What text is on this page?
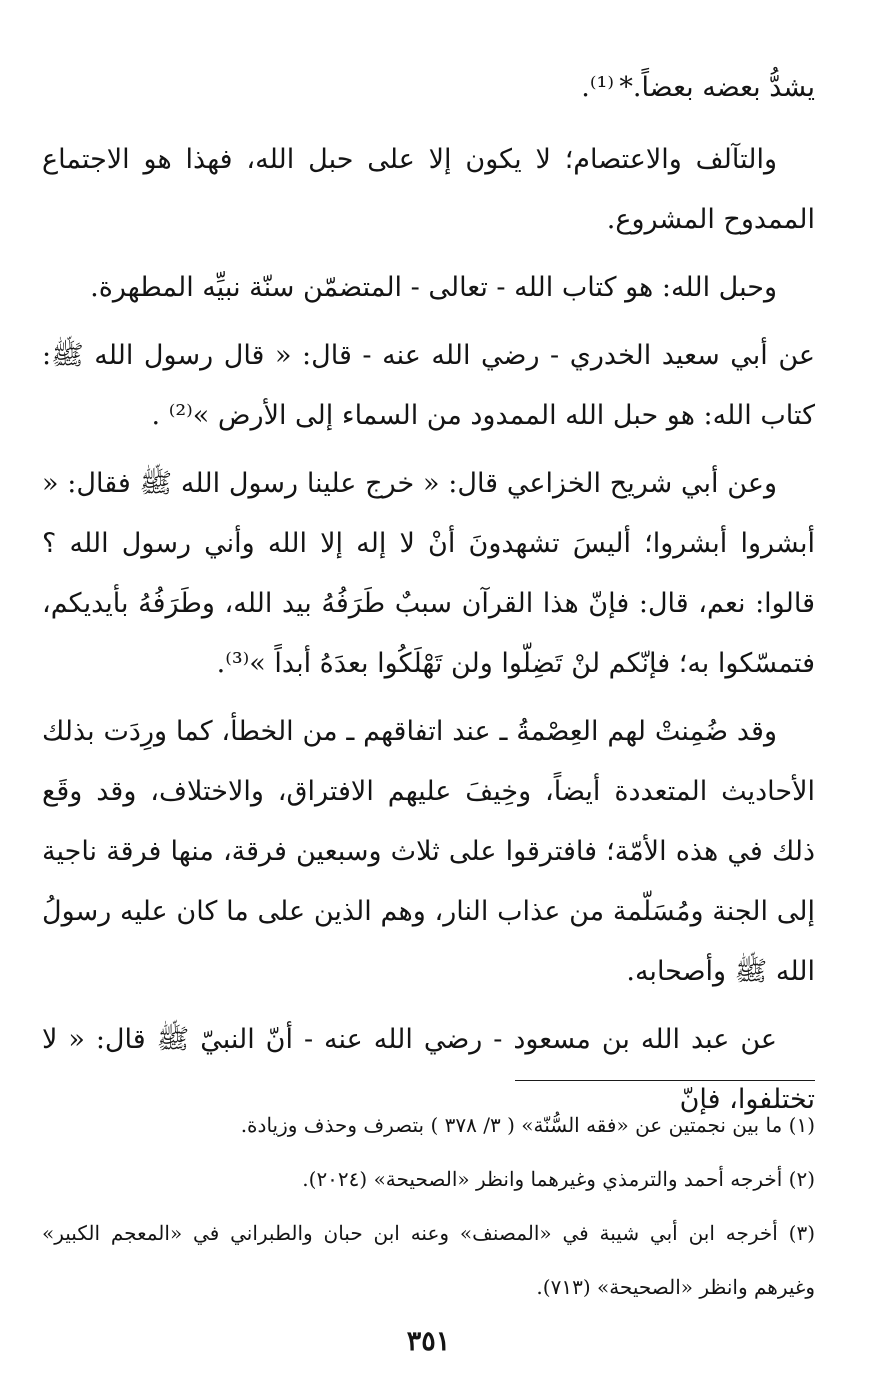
يشدُّ بعضه بعضاً.* ⁽¹⁾.

والتآلف والاعتصام؛ لا يكون إلا على حبل الله، فهذا هو الاجتماع الممدوح المشروع.

وحبل الله: هو كتاب الله - تعالى - المتضمّن سنّة نبيِّه المطهرة.

عن أبي سعيد الخدري - رضي الله عنه - قال: « قال رسول الله ﷺ: كتاب الله: هو حبل الله الممدود من السماء إلى الأرض »⁽²⁾ .

وعن أبي شريح الخزاعي قال: « خرج علينا رسول الله ﷺ فقال: « أبشروا أبشروا؛ أليسَ تشهدونَ أنْ لا إله إلا الله وأني رسول الله ؟ قالوا: نعم، قال: فإنّ هذا القرآن سببٌ طَرَفُهُ بيد الله، وطَرَفُهُ بأيديكم، فتمسّكوا به؛ فإنّكم لنْ تَضِلّوا ولن تَهْلَكُوا بعدَهُ أبداً »⁽³⁾.

وقد ضُمِنتْ لهم العِصْمةُ ـ عند اتفاقهم ـ من الخطأ، كما ورِدَت بذلك الأحاديث المتعددة أيضاً، وخِيفَ عليهم الافتراق، والاختلاف، وقد وقَع ذلك في هذه الأمّة؛ فافترقوا على ثلاث وسبعين فرقة، منها فرقة ناجية إلى الجنة ومُسَلّمة من عذاب النار، وهم الذين على ما كان عليه رسولُ الله ﷺ وأصحابه.

عن عبد الله بن مسعود - رضي الله عنه - أنّ النبيّ ﷺ قال: « لا تختلفوا، فإنّ

(١) ما بين نجمتين عن «فقه السُّنّة» ( ٣/ ٣٧٨ ) بتصرف وحذف وزيادة.

(٢) أخرجه أحمد والترمذي وغيرهما وانظر «الصحيحة» (٢٠٢٤).

(٣) أخرجه ابن أبي شيبة في «المصنف» وعنه ابن حبان والطبراني في «المعجم الكبير» وغيرهم وانظر «الصحيحة» (٧١٣).

٣٥١
